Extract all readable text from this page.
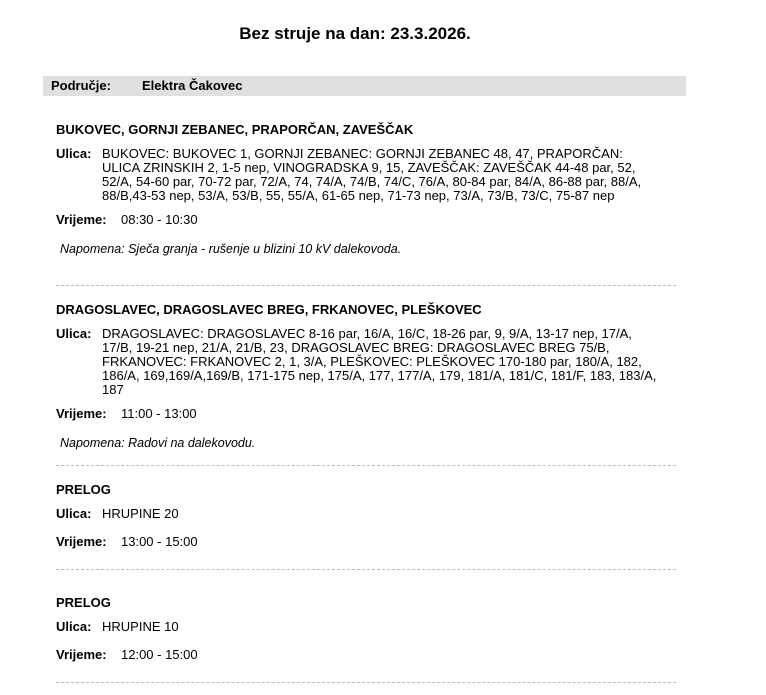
Bez struje na dan: 23.3.2026.
Područje: Elektra Čakovec
BUKOVEC, GORNJI ZEBANEC, PRAPORČAN, ZAVEŠČAK
Ulica: BUKOVEC: BUKOVEC 1, GORNJI ZEBANEC: GORNJI ZEBANEC 48, 47, PRAPORČAN: ULICA ZRINSKIH 2, 1-5 nep, VINOGRADSKA 9, 15, ZAVEŠČAK: ZAVEŠČAK 44-48 par, 52, 52/A, 54-60 par, 70-72 par, 72/A, 74, 74/A, 74/B, 74/C, 76/A, 80-84 par, 84/A, 86-88 par, 88/A, 88/B,43-53 nep, 53/A, 53/B, 55, 55/A, 61-65 nep, 71-73 nep, 73/A, 73/B, 73/C, 75-87 nep
Vrijeme: 08:30 - 10:30
Napomena: Sječa granja - rušenje u blizini 10 kV dalekovoda.
DRAGOSLAVEC, DRAGOSLAVEC BREG, FRKANOVEC, PLEŠKOVEC
Ulica: DRAGOSLAVEC: DRAGOSLAVEC 8-16 par, 16/A, 16/C, 18-26 par, 9, 9/A, 13-17 nep, 17/A, 17/B, 19-21 nep, 21/A, 21/B, 23, DRAGOSLAVEC BREG: DRAGOSLAVEC BREG 75/B, FRKANOVEC: FRKANOVEC 2, 1, 3/A, PLEŠKOVEC: PLEŠKOVEC 170-180 par, 180/A, 182, 186/A, 169,169/A,169/B, 171-175 nep, 175/A, 177, 177/A, 179, 181/A, 181/C, 181/F, 183, 183/A, 187
Vrijeme: 11:00 - 13:00
Napomena: Radovi na dalekovodu.
PRELOG
Ulica: HRUPINE 20
Vrijeme: 13:00 - 15:00
PRELOG
Ulica: HRUPINE 10
Vrijeme: 12:00 - 15:00
